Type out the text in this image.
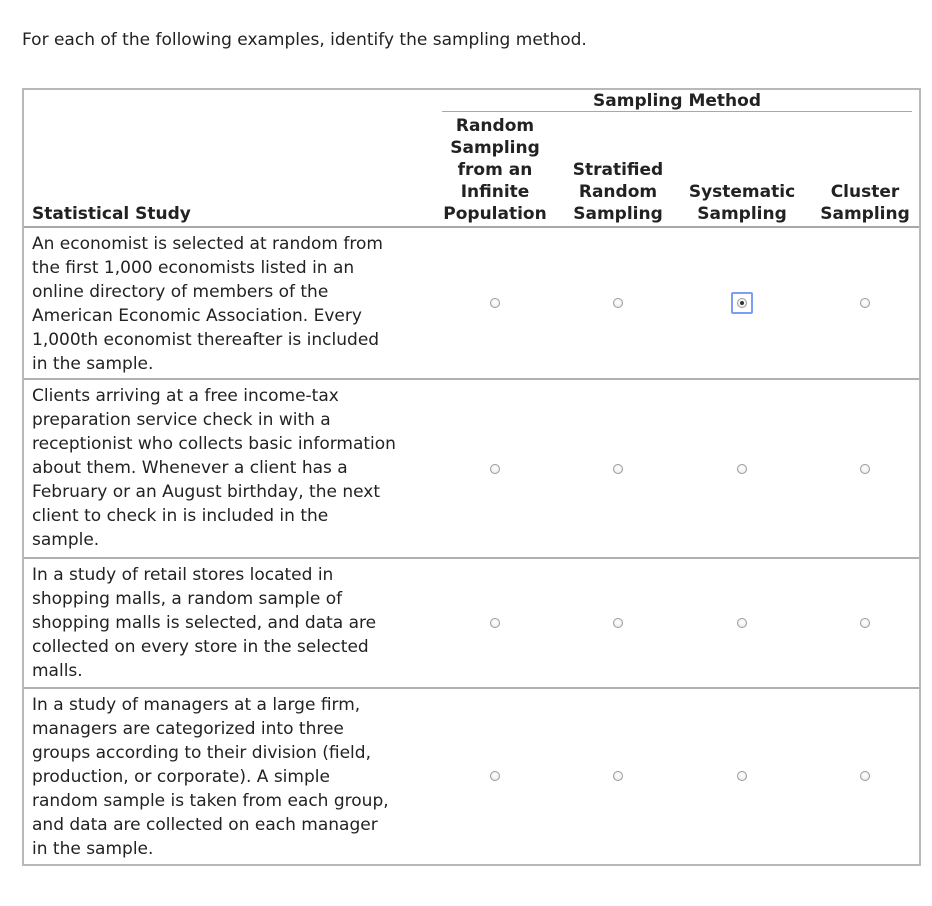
For each of the following examples, identify the sampling method.
Sampling Method
Statistical Study
Random
Sampling
from an
Infinite
Population
Stratified
Random
Sampling
Systematic
Sampling
Cluster
Sampling
An economist is selected at random from
the first 1,000 economists listed in an
online directory of members of the
American Economic Association. Every
1,000th economist thereafter is included
in the sample.
Clients arriving at a free income-tax
preparation service check in with a
receptionist who collects basic information
about them. Whenever a client has a
February or an August birthday, the next
client to check in is included in the
sample.
In a study of retail stores located in
shopping malls, a random sample of
shopping malls is selected, and data are
collected on every store in the selected
malls.
In a study of managers at a large firm,
managers are categorized into three
groups according to their division (field,
production, or corporate). A simple
random sample is taken from each group,
and data are collected on each manager
in the sample.
